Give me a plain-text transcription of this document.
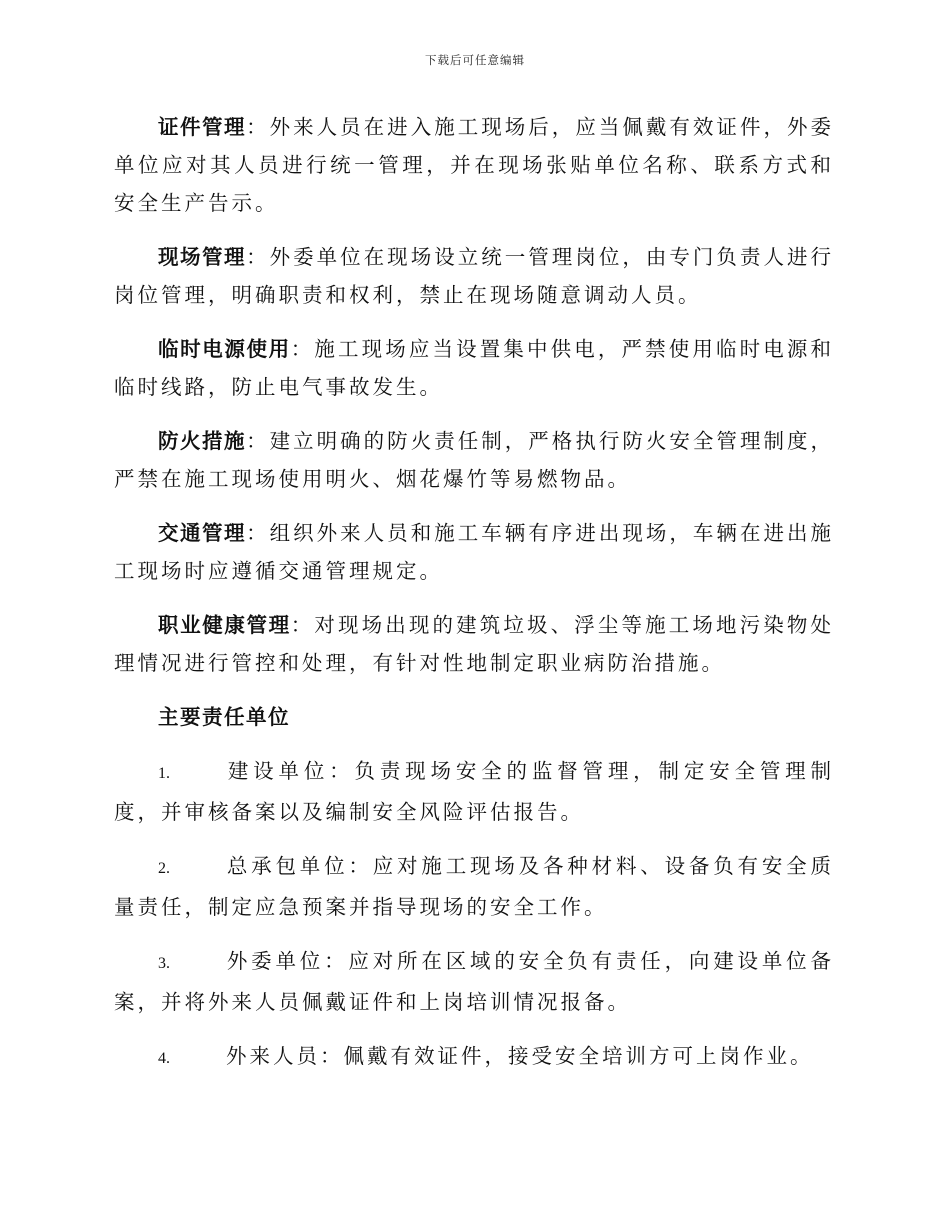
下载后可任意编辑

证件管理：外来人员在进入施工现场后，应当佩戴有效证件，外委单位应对其人员进行统一管理，并在现场张贴单位名称、联系方式和安全生产告示。

现场管理：外委单位在现场设立统一管理岗位，由专门负责人进行岗位管理，明确职责和权利，禁止在现场随意调动人员。

临时电源使用：施工现场应当设置集中供电，严禁使用临时电源和临时线路，防止电气事故发生。

防火措施：建立明确的防火责任制，严格执行防火安全管理制度，严禁在施工现场使用明火、烟花爆竹等易燃物品。

交通管理：组织外来人员和施工车辆有序进出现场，车辆在进出施工现场时应遵循交通管理规定。

职业健康管理：对现场出现的建筑垃圾、浮尘等施工场地污染物处理情况进行管控和处理，有针对性地制定职业病防治措施。

主要责任单位

1.	建设单位：负责现场安全的监督管理，制定安全管理制度，并审核备案以及编制安全风险评估报告。

2.	总承包单位：应对施工现场及各种材料、设备负有安全质量责任，制定应急预案并指导现场的安全工作。

3.	外委单位：应对所在区域的安全负有责任，向建设单位备案，并将外来人员佩戴证件和上岗培训情况报备。

4.	外来人员：佩戴有效证件，接受安全培训方可上岗作业。
